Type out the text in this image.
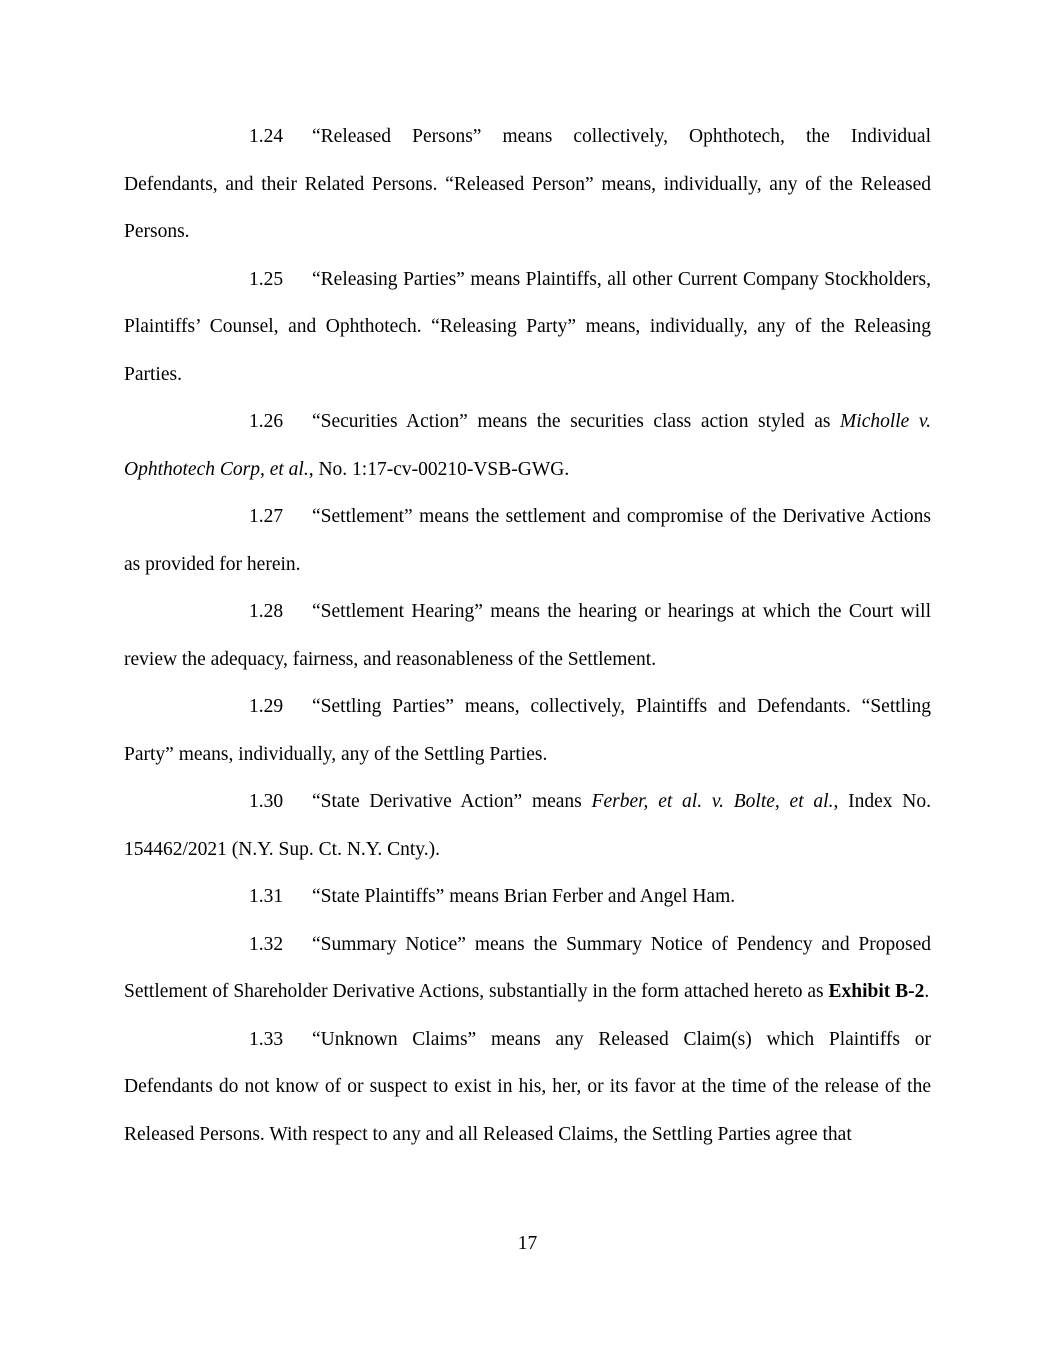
1.24 “Released Persons” means collectively, Ophthotech, the Individual Defendants, and their Related Persons. “Released Person” means, individually, any of the Released Persons.

1.25 “Releasing Parties” means Plaintiffs, all other Current Company Stockholders, Plaintiffs’ Counsel, and Ophthotech. “Releasing Party” means, individually, any of the Releasing Parties.

1.26 “Securities Action” means the securities class action styled as Micholle v. Ophthotech Corp, et al., No. 1:17-cv-00210-VSB-GWG.

1.27 “Settlement” means the settlement and compromise of the Derivative Actions as provided for herein.

1.28 “Settlement Hearing” means the hearing or hearings at which the Court will review the adequacy, fairness, and reasonableness of the Settlement.

1.29 “Settling Parties” means, collectively, Plaintiffs and Defendants. “Settling Party” means, individually, any of the Settling Parties.

1.30 “State Derivative Action” means Ferber, et al. v. Bolte, et al., Index No. 154462/2021 (N.Y. Sup. Ct. N.Y. Cnty.).

1.31 “State Plaintiffs” means Brian Ferber and Angel Ham.

1.32 “Summary Notice” means the Summary Notice of Pendency and Proposed Settlement of Shareholder Derivative Actions, substantially in the form attached hereto as Exhibit B-2.

1.33 “Unknown Claims” means any Released Claim(s) which Plaintiffs or Defendants do not know of or suspect to exist in his, her, or its favor at the time of the release of the Released Persons. With respect to any and all Released Claims, the Settling Parties agree that

17
